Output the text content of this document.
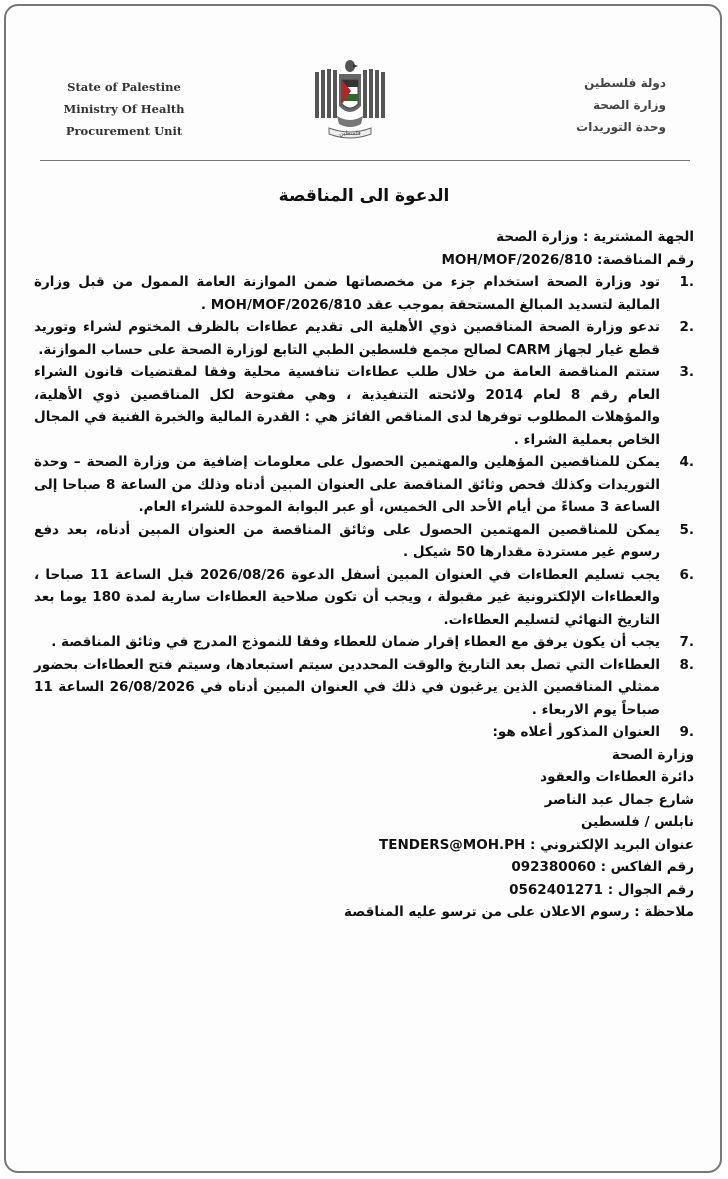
State of Palestine
Ministry Of Health
Procurement Unit	فلسطين
دولة فلسطين
وزارة الصحة
وحدة التوريدات
الدعوة الى المناقصة
الجهة المشترية : وزارة الصحة
رقم المناقصة: MOH/MOF/2026/810
.1
تود وزارة الصحة استخدام جزء من مخصصاتها ضمن الموازنة العامة الممول من قبل وزارة المالية لتسديد المبالغ المستحقة بموجب عقد MOH/MOF/2026/810 .
.2
تدعو وزارة الصحة المناقصين ذوي الأهلية الى تقديم عطاءات بالظرف المختوم لشراء وتوريد قطع غيار لجهاز CARM لصالح مجمع فلسطين الطبي التابع لوزارة الصحة على حساب الموازنة.
.3
ستتم المناقصة العامة من خلال طلب عطاءات تنافسية محلية وفقا لمقتضيات قانون الشراء العام رقم 8 لعام 2014 ولائحته التنفيذية ، وهي مفتوحة لكل المناقصين ذوي الأهلية، والمؤهلات المطلوب توفرها لدى المناقص الفائز هي : القدرة المالية والخبرة الفنية في المجال الخاص بعملية الشراء .
.4
يمكن للمناقصين المؤهلين والمهتمين الحصول على معلومات إضافية من وزارة الصحة – وحدة التوريدات وكذلك فحص وثائق المناقصة على العنوان المبين أدناه وذلك من الساعة 8 صباحا إلى الساعة 3 مساءً من أيام الأحد الى الخميس، أو عبر البوابة الموحدة للشراء العام.
.5
يمكن للمناقصين المهتمين الحصول على وثائق المناقصة من العنوان المبين أدناه، بعد دفع رسوم غير مستردة مقدارها 50 شيكل .
.6
يجب تسليم العطاءات في العنوان المبين أسفل الدعوة 2026/08/26 قبل الساعة 11 صباحا ، والعطاءات الإلكترونية غير مقبولة ، ويجب أن تكون صلاحية العطاءات سارية لمدة 180 يوما بعد التاريخ النهائي لتسليم العطاءات.
.7
يجب أن يكون يرفق مع العطاء إقرار ضمان للعطاء وفقا للنموذج المدرج في وثائق المناقصة .
.8
العطاءات التي تصل بعد التاريخ والوقت المحددين سيتم استبعادها، وسيتم فتح العطاءات بحضور ممثلي المناقصين الذين يرغبون في ذلك في العنوان المبين أدناه في 26/08/2026 الساعة 11 صباحاً يوم الاربعاء .
.9
العنوان المذكور أعلاه هو:
وزارة الصحة
دائرة العطاءات والعقود
شارع جمال عبد الناصر
نابلس / فلسطين
عنوان البريد الإلكتروني : TENDERS@MOH.PH
رقم الفاكس : 092380060
رقم الجوال : 0562401271
ملاحظة : رسوم الاعلان على من ترسو عليه المناقصة
